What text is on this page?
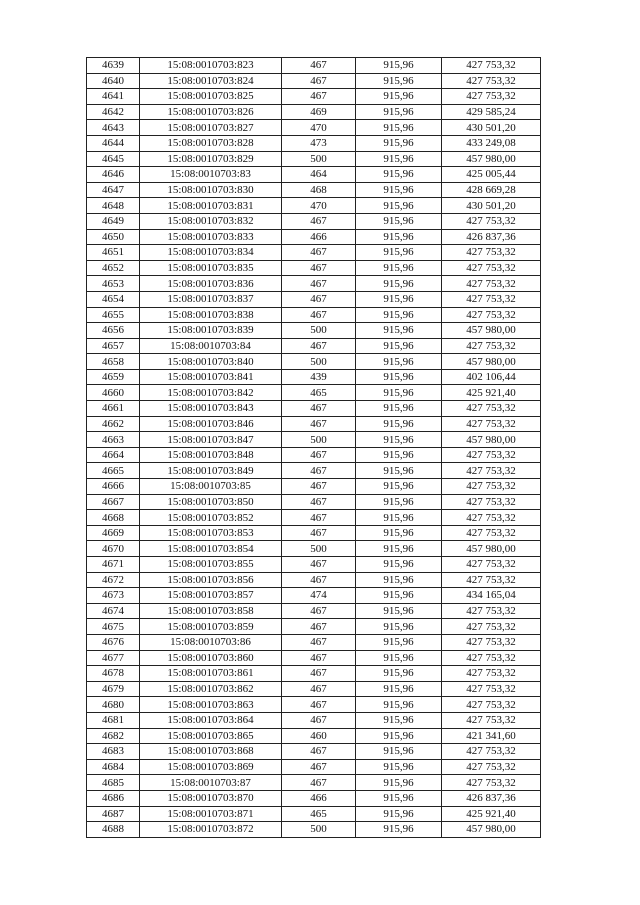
4639	15:08:0010703:823	467	915,96	427 753,32
4640	15:08:0010703:824	467	915,96	427 753,32
4641	15:08:0010703:825	467	915,96	427 753,32
4642	15:08:0010703:826	469	915,96	429 585,24
4643	15:08:0010703:827	470	915,96	430 501,20
4644	15:08:0010703:828	473	915,96	433 249,08
4645	15:08:0010703:829	500	915,96	457 980,00
4646	15:08:0010703:83	464	915,96	425 005,44
4647	15:08:0010703:830	468	915,96	428 669,28
4648	15:08:0010703:831	470	915,96	430 501,20
4649	15:08:0010703:832	467	915,96	427 753,32
4650	15:08:0010703:833	466	915,96	426 837,36
4651	15:08:0010703:834	467	915,96	427 753,32
4652	15:08:0010703:835	467	915,96	427 753,32
4653	15:08:0010703:836	467	915,96	427 753,32
4654	15:08:0010703:837	467	915,96	427 753,32
4655	15:08:0010703:838	467	915,96	427 753,32
4656	15:08:0010703:839	500	915,96	457 980,00
4657	15:08:0010703:84	467	915,96	427 753,32
4658	15:08:0010703:840	500	915,96	457 980,00
4659	15:08:0010703:841	439	915,96	402 106,44
4660	15:08:0010703:842	465	915,96	425 921,40
4661	15:08:0010703:843	467	915,96	427 753,32
4662	15:08:0010703:846	467	915,96	427 753,32
4663	15:08:0010703:847	500	915,96	457 980,00
4664	15:08:0010703:848	467	915,96	427 753,32
4665	15:08:0010703:849	467	915,96	427 753,32
4666	15:08:0010703:85	467	915,96	427 753,32
4667	15:08:0010703:850	467	915,96	427 753,32
4668	15:08:0010703:852	467	915,96	427 753,32
4669	15:08:0010703:853	467	915,96	427 753,32
4670	15:08:0010703:854	500	915,96	457 980,00
4671	15:08:0010703:855	467	915,96	427 753,32
4672	15:08:0010703:856	467	915,96	427 753,32
4673	15:08:0010703:857	474	915,96	434 165,04
4674	15:08:0010703:858	467	915,96	427 753,32
4675	15:08:0010703:859	467	915,96	427 753,32
4676	15:08:0010703:86	467	915,96	427 753,32
4677	15:08:0010703:860	467	915,96	427 753,32
4678	15:08:0010703:861	467	915,96	427 753,32
4679	15:08:0010703:862	467	915,96	427 753,32
4680	15:08:0010703:863	467	915,96	427 753,32
4681	15:08:0010703:864	467	915,96	427 753,32
4682	15:08:0010703:865	460	915,96	421 341,60
4683	15:08:0010703:868	467	915,96	427 753,32
4684	15:08:0010703:869	467	915,96	427 753,32
4685	15:08:0010703:87	467	915,96	427 753,32
4686	15:08:0010703:870	466	915,96	426 837,36
4687	15:08:0010703:871	465	915,96	425 921,40
4688	15:08:0010703:872	500	915,96	457 980,00
